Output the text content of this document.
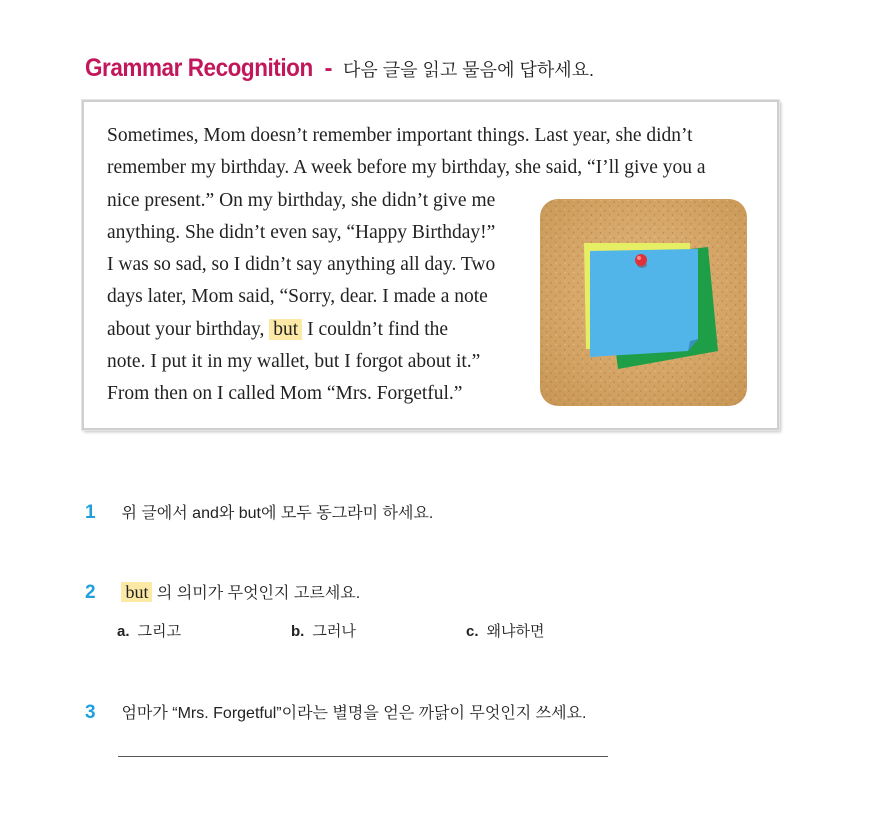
Grammar Recognition - 다음 글을 읽고 물음에 답하세요.
Sometimes, Mom doesn’t remember important things. Last year, she didn’t
remember my birthday. A week before my birthday, she said, “I’ll give you a
nice present.” On my birthday, she didn’t give me
anything. She didn’t even say, “Happy Birthday!”
I was so sad, so I didn’t say anything all day. Two
days later, Mom said, “Sorry, dear. I made a note
about your birthday, but I couldn’t find the
note. I put it in my wallet, but I forgot about it.”
From then on I called Mom “Mrs. Forgetful.”
1 위 글에서 and와 but에 모두 동그라미 하세요.
2 but 의 의미가 무엇인지 고르세요.
a. 그리고	b. 그러나	c. 왜냐하면
3 엄마가 “Mrs. Forgetful”이라는 별명을 얻은 까닭이 무엇인지 쓰세요.
